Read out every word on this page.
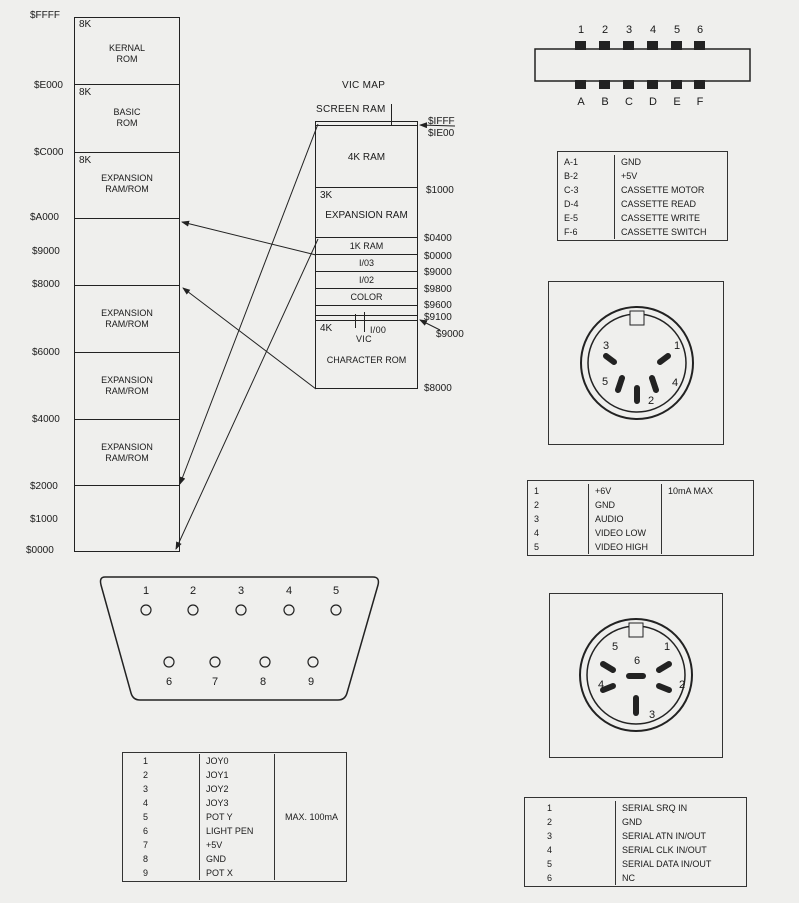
$FFFF
8K
KERNAL
ROM
$E000
8K
BASIC
ROM
$C000
8K
EXPANSION
RAM/ROM
$A000
$9000
$8000
EXPANSION
RAM/ROM
$6000
EXPANSION
RAM/ROM
$4000
EXPANSION
RAM/ROM
$2000
$1000
$0000
VIC MAP
SCREEN RAM
4K RAM
3K
EXPANSION RAM
1K RAM
I/03
I/02
COLOR
4K
CHARACTER ROM
VIC
I/00
$IFFF
$IE00
$1000
$0400
$0000
$9000
$9800
$9600
$9100
$9000
$8000
1	2	3	4	5	6
A	B	C	D	E	F
A-1	GND
B-2	+5V
C-3	CASSETTE MOTOR
D-4	CASSETTE READ
E-5	CASSETTE WRITE
F-6	CASSETTE SWITCH
1
2
3
4
5
1	+6V	10mA MAX
2	GND	
3	AUDIO	
4	VIDEO LOW	
5	VIDEO HIGH	
1
2
3
4
5
6
1	SERIAL SRQ IN
2	GND
3	SERIAL ATN IN/OUT
4	SERIAL CLK IN/OUT
5	SERIAL DATA IN/OUT
6	NC
1	2	3	4	5
6	7	8	9
1	JOY0	MAX. 100mA
2	JOY1	
3	JOY2	
4	JOY3	
5	POT Y	
6	LIGHT PEN	
7	+5V	
8	GND	
9	POT X	
